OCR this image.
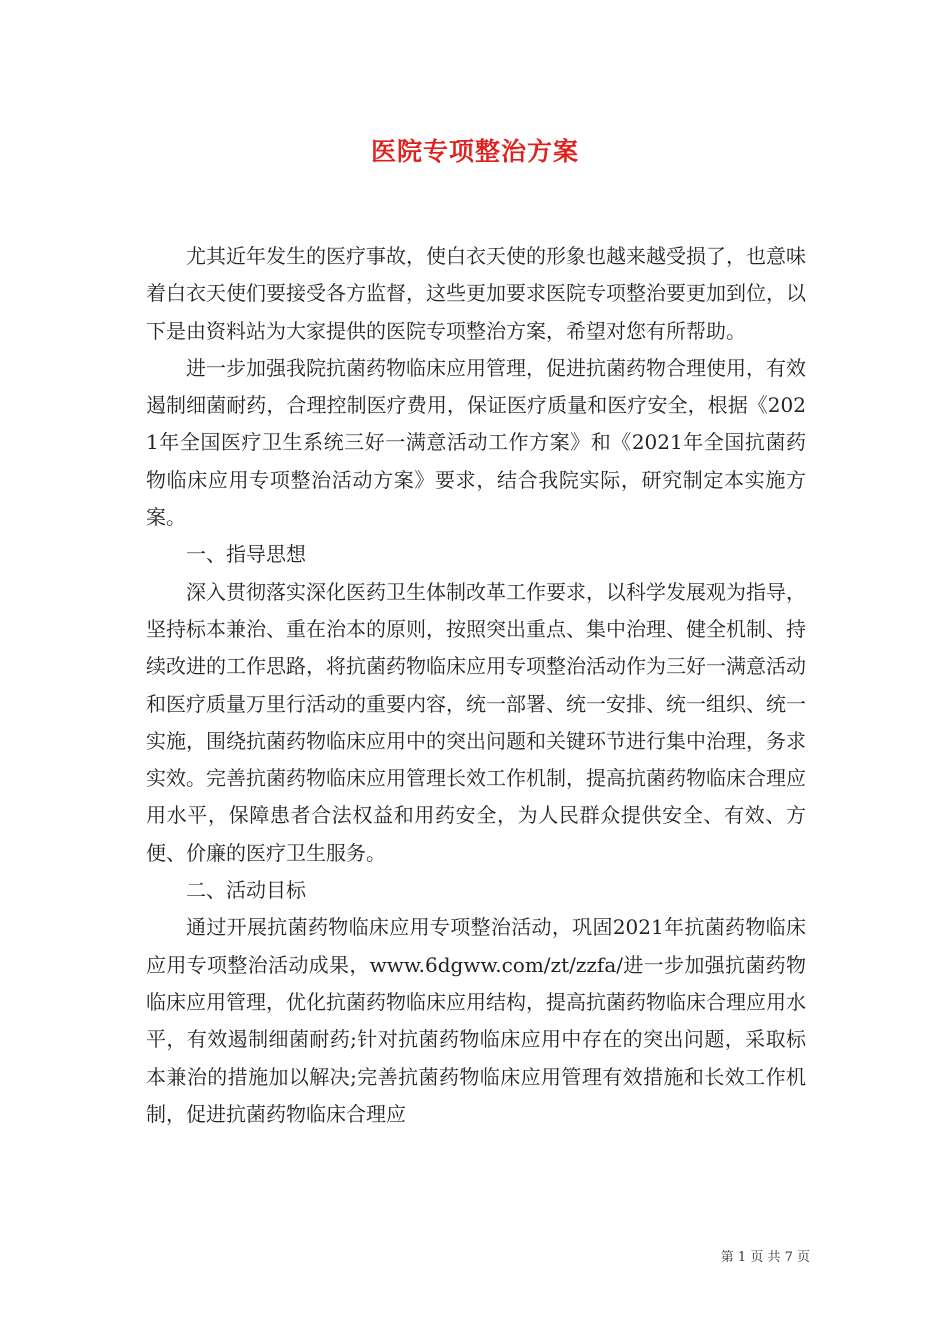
医院专项整治方案

尤其近年发生的医疗事故，使白衣天使的形象也越来越受损了，也意味着白衣天使们要接受各方监督，这些更加要求医院专项整治要更加到位，以下是由资料站为大家提供的医院专项整治方案，希望对您有所帮助。

进一步加强我院抗菌药物临床应用管理，促进抗菌药物合理使用，有效遏制细菌耐药，合理控制医疗费用，保证医疗质量和医疗安全，根据《2021年全国医疗卫生系统三好一满意活动工作方案》和《2021年全国抗菌药物临床应用专项整治活动方案》要求，结合我院实际，研究制定本实施方案。

一、指导思想

深入贯彻落实深化医药卫生体制改革工作要求，以科学发展观为指导，坚持标本兼治、重在治本的原则，按照突出重点、集中治理、健全机制、持续改进的工作思路，将抗菌药物临床应用专项整治活动作为三好一满意活动和医疗质量万里行活动的重要内容，统一部署、统一安排、统一组织、统一实施，围绕抗菌药物临床应用中的突出问题和关键环节进行集中治理，务求实效。完善抗菌药物临床应用管理长效工作机制，提高抗菌药物临床合理应用水平，保障患者合法权益和用药安全，为人民群众提供安全、有效、方便、价廉的医疗卫生服务。

二、活动目标

通过开展抗菌药物临床应用专项整治活动，巩固2021年抗菌药物临床应用专项整治活动成果，www.6dgww.com/zt/zzfa/进一步加强抗菌药物临床应用管理，优化抗菌药物临床应用结构，提高抗菌药物临床合理应用水平，有效遏制细菌耐药;针对抗菌药物临床应用中存在的突出问题，采取标本兼治的措施加以解决;完善抗菌药物临床应用管理有效措施和长效工作机制，促进抗菌药物临床合理应

第 1 页 共 7 页
